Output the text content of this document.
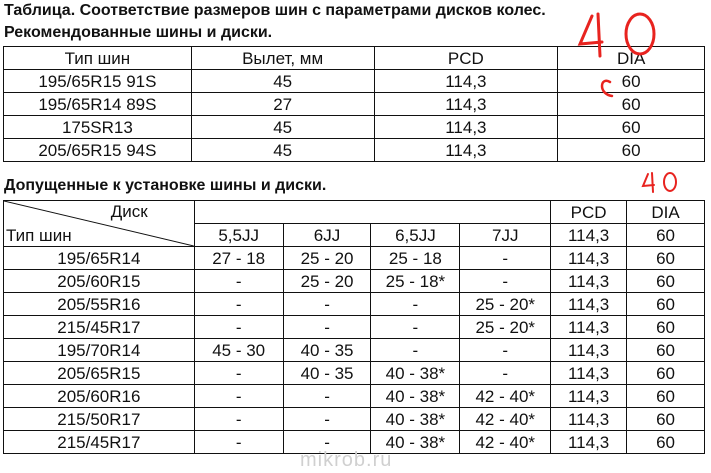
Таблица. Соответствие размеров шин с параметрами дисков колес.
Рекомендованные шины и диски.
Тип шин	Вылет, мм	PCD	DIA
195/65R15 91S	45	114,3	60
195/65R14 89S	27	114,3	60
175SR13	45	114,3	60
205/65R15 94S	45	114,3	60
Допущенные к установке шины и диски.
Диск
Тип шин					PCD	DIA
	5,5JJ	6JJ	6,5JJ	7JJ	114,3	60
195/65R14	27 - 18	25 - 20	25 - 18	-	114,3	60
205/60R15	-	25 - 20	25 - 18*	-	114,3	60
205/55R16	-	-	-	25 - 20*	114,3	60
215/45R17	-	-	-	25 - 20*	114,3	60
195/70R14	45 - 30	40 - 35	-	-	114,3	60
205/65R15	-	40 - 35	40 - 38*	-	114,3	60
205/60R16	-	-	40 - 38*	42 - 40*	114,3	60
215/50R17	-	-	40 - 38*	42 - 40*	114,3	60
215/45R17	-	-	40 - 38*	42 - 40*	114,3	60
mikrob.ru
